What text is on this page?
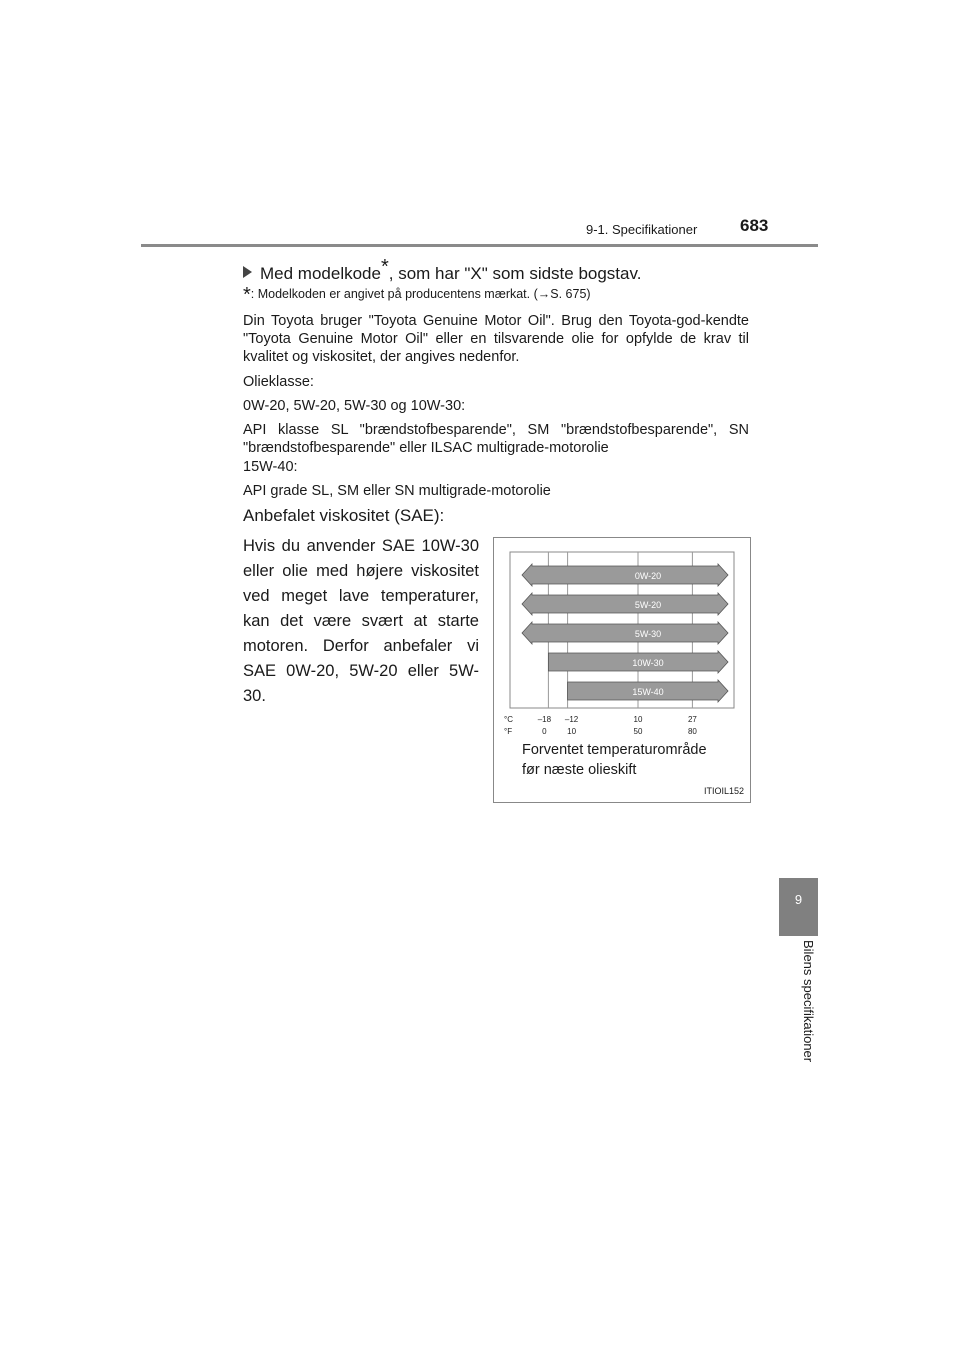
9-1. Specifikationer	683
9
Bilens specifikationer
Med modelkode*, som har "X" som sidste bogstav.
*: Modelkoden er angivet på producentens mærkat. (→S. 675)
Din Toyota bruger "Toyota Genuine Motor Oil". Brug den Toyota-god-kendte "Toyota Genuine Motor Oil" eller en tilsvarende olie for opfylde de krav til kvalitet og viskositet, der angives nedenfor.
Olieklasse:
0W-20, 5W-20, 5W-30 og 10W-30:
API klasse SL "brændstofbesparende", SM "brændstofbesparende", SN "brændstofbesparende" eller ILSAC multigrade-motorolie
15W-40:
API grade SL, SM eller SN multigrade-motorolie
Anbefalet viskositet (SAE):
Hvis du anvender SAE 10W-30 eller olie med højere viskositet ved meget lave temperaturer, kan det være svært at starte motoren. Derfor anbefaler vi SAE 0W-20, 5W-20 eller 5W-30.
0W-20
5W-20
5W-30
10W-30
15W-40
°C
°F
–18
0
–12
10
10
50
27
80
Forventet temperaturområde
før næste olieskift
ITIOIL152
